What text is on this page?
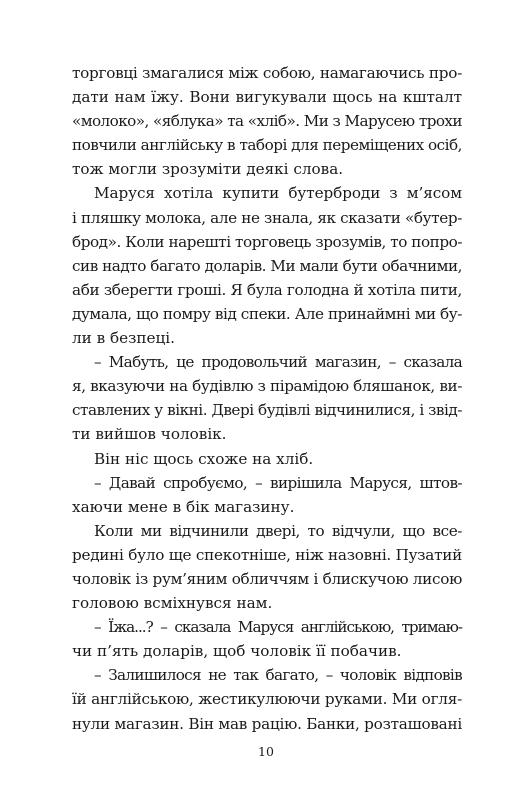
торговці змагалися між собою, намагаючись про-
дати нам їжу. Вони вигукували щось на кшталт
«молоко», «яблука» та «хліб». Ми з Марусею трохи
повчили англійську в таборі для переміщених осіб,
тож могли зрозуміти деякі слова.
Маруся хотіла купити бутерброди з м’ясом
і пляшку молока, але не знала, як сказати «бутер-
брод». Коли нарешті торговець зрозумів, то попро-
сив надто багато доларів. Ми мали бути обачними,
аби зберегти гроші. Я була голодна й хотіла пити,
думала, що помру від спеки. Але принаймні ми бу-
ли в безпеці.
– Мабуть, це продовольчий магазин, – сказала
я, вказуючи на будівлю з пірамідою бляшанок, ви-
ставлених у вікні. Двері будівлі відчинилися, і звід-
ти вийшов чоловік.
Він ніс щось схоже на хліб.
– Давай спробуємо, – вирішила Маруся, штов-
хаючи мене в бік магазину.
Коли ми відчинили двері, то відчули, що все-
редині було ще спекотніше, ніж назовні. Пузатий
чоловік із рум’яним обличчям і блискучою лисою
головою всміхнувся нам.
– Їжа...? – сказала Маруся англійською, тримаю-
чи п’ять доларів, щоб чоловік її побачив.
– Залишилося не так багато, – чоловік відповів
їй англійською, жестикулюючи руками. Ми огля-
нули магазин. Він мав рацію. Банки, розташовані
10
